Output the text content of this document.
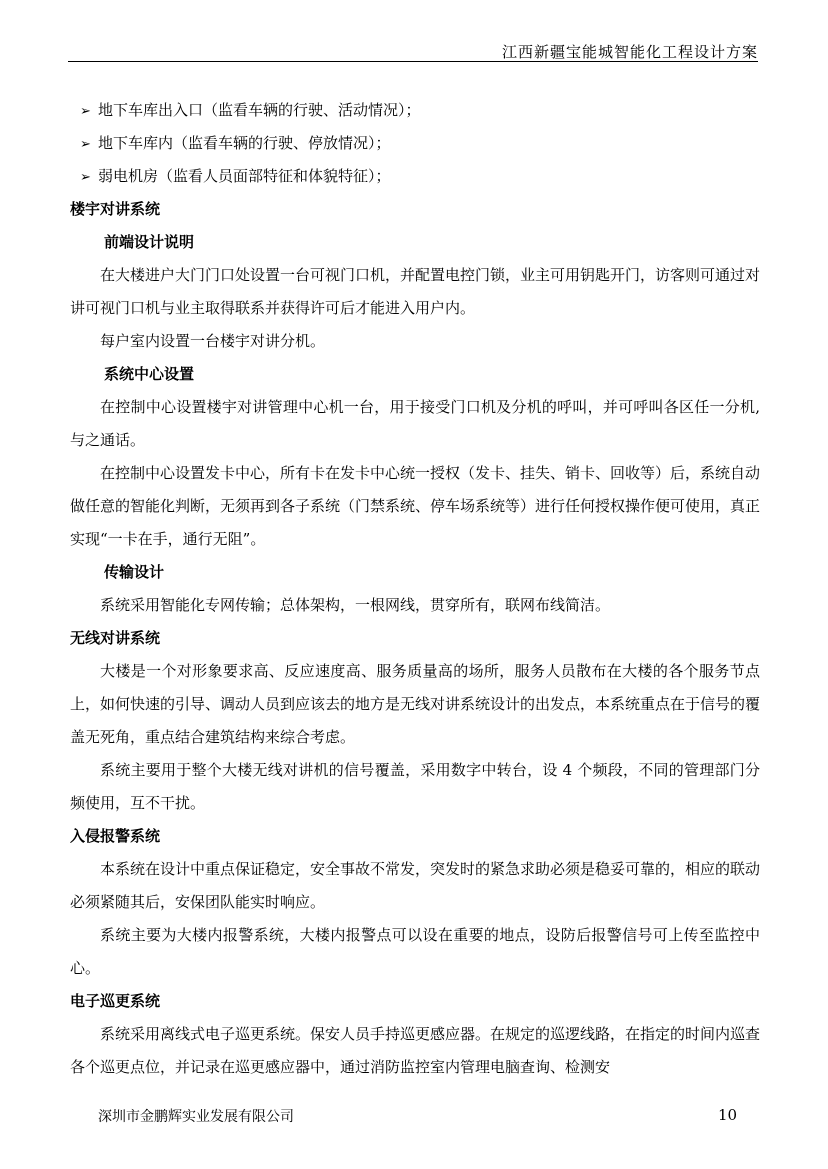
江西新疆宝能城智能化工程设计方案
➢ 地下车库出入口（监看车辆的行驶、活动情况）；
➢ 地下车库内（监看车辆的行驶、停放情况）；
➢ 弱电机房（监看人员面部特征和体貌特征）；
楼宇对讲系统
前端设计说明
在大楼进户大门门口处设置一台可视门口机，并配置电控门锁，业主可用钥匙开门，访客则可通过对讲可视门口机与业主取得联系并获得许可后才能进入用户内。
每户室内设置一台楼宇对讲分机。
系统中心设置
在控制中心设置楼宇对讲管理中心机一台，用于接受门口机及分机的呼叫，并可呼叫各区任一分机,与之通话。
在控制中心设置发卡中心，所有卡在发卡中心统一授权（发卡、挂失、销卡、回收等）后，系统自动做任意的智能化判断，无须再到各子系统（门禁系统、停车场系统等）进行任何授权操作便可使用，真正实现“一卡在手，通行无阻”。
传输设计
系统采用智能化专网传输；总体架构，一根网线，贯穿所有，联网布线简洁。
无线对讲系统
大楼是一个对形象要求高、反应速度高、服务质量高的场所，服务人员散布在大楼的各个服务节点上，如何快速的引导、调动人员到应该去的地方是无线对讲系统设计的出发点，本系统重点在于信号的覆盖无死角，重点结合建筑结构来综合考虑。
系统主要用于整个大楼无线对讲机的信号覆盖，采用数字中转台，设 4 个频段，不同的管理部门分频使用，互不干扰。
入侵报警系统
本系统在设计中重点保证稳定，安全事故不常发，突发时的紧急求助必须是稳妥可靠的，相应的联动必须紧随其后，安保团队能实时响应。
系统主要为大楼内报警系统，大楼内报警点可以设在重要的地点，设防后报警信号可上传至监控中心。
电子巡更系统
系统采用离线式电子巡更系统。保安人员手持巡更感应器。在规定的巡逻线路，在指定的时间内巡查各个巡更点位，并记录在巡更感应器中，通过消防监控室内管理电脑查询、检测安
深圳市金鹏辉实业发展有限公司	10
